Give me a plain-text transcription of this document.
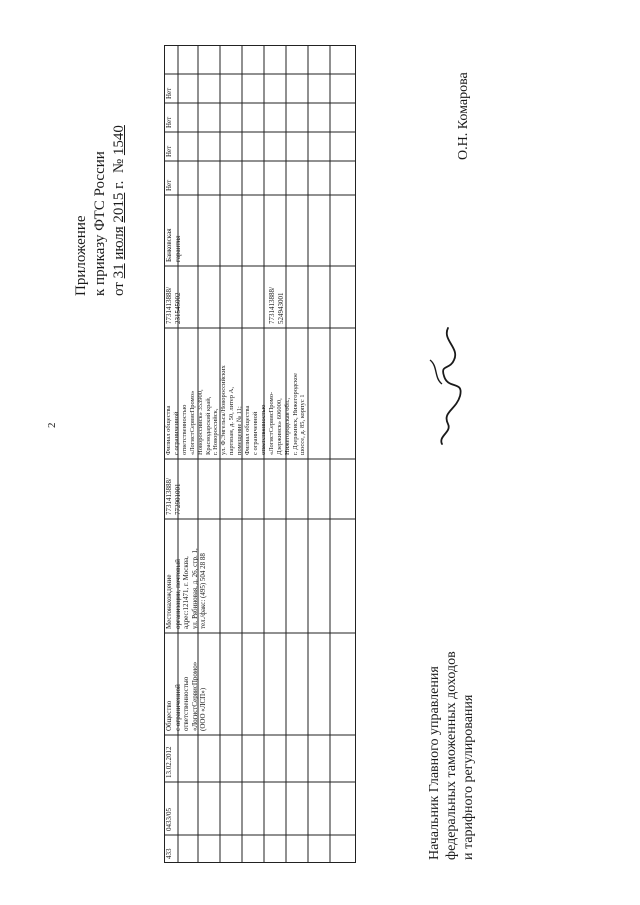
2
Приложение к приказу ФТС России от 31 июля 2015 г.  № 1540
433
0433/05
13.02.2012
Общество с ограниченной ответственностью «ЛогистСервисПромо» (ООО «ЛСП»)
Местонахождение организации, почтовый адрес:121471, г. Москва, ул. Рябиновая, д. 26, стр. 1, тел./факс: (495) 504 28 88
7731413888/ 772901001
Филиал общества с ограниченной ответственностью «ЛогистСервисПромо» Новороссийск» 353900, Краснодарский край, г. Новороссийск, ул. Ф.Энгельса/Новороссийских партизан, д. 50, литер А, помещение № 11; Филиал общества с ограниченной ответственностью «ЛогистСервисПромо- Дзержинск» 606000, Нижегородская обл., г. Дзержинск, Нижегородское шоссе, д. 85, корпус 1
7731413888/ 231545002	7731413888/ 524943001
Банковская гарантия
Нет
Нет
Нет
Нет	О.Н. Комарова
Начальник Главного управления федеральных таможенных доходов и тарифного регулирования
